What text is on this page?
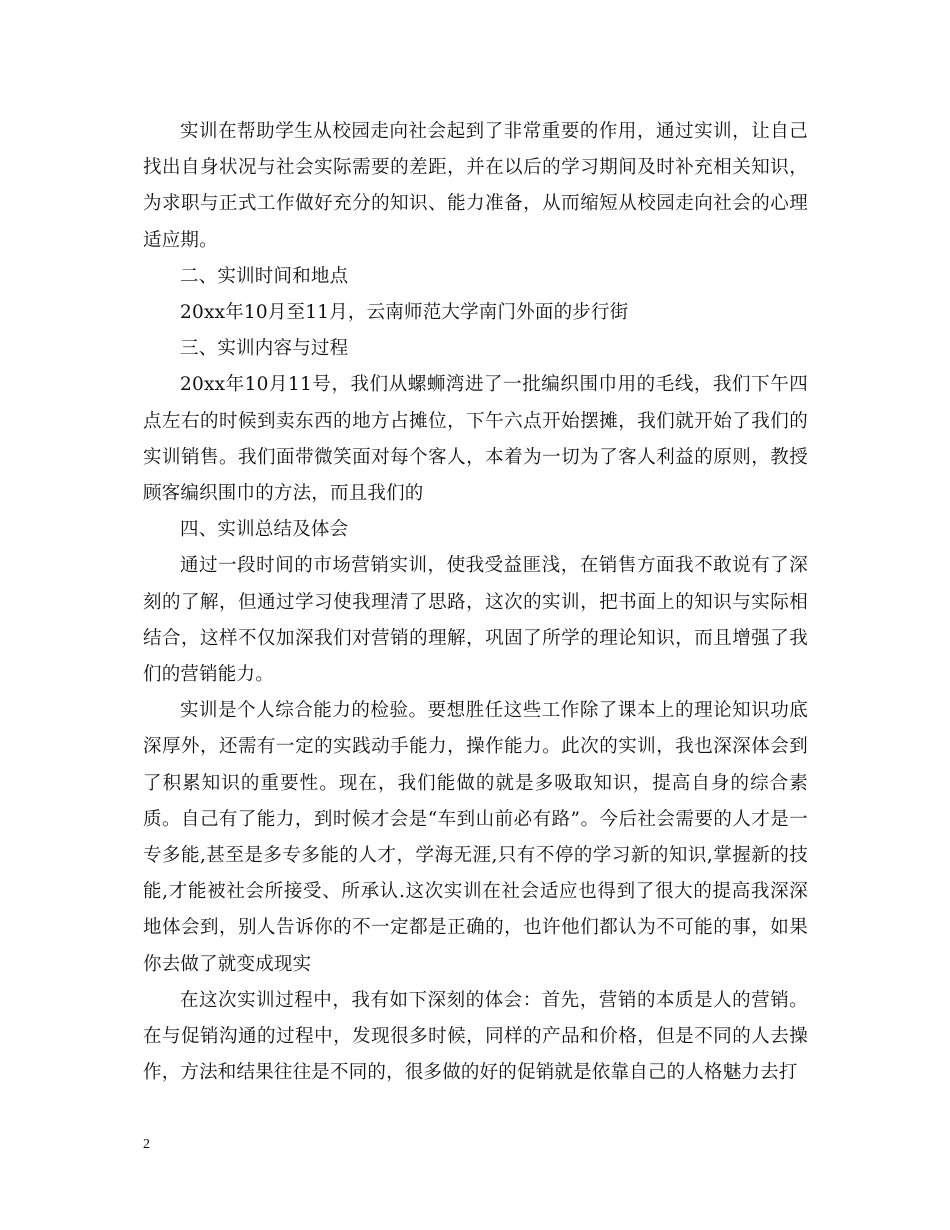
实训在帮助学生从校园走向社会起到了非常重要的作用，通过实训，让自己找出自身状况与社会实际需要的差距，并在以后的学习期间及时补充相关知识，为求职与正式工作做好充分的知识、能力准备，从而缩短从校园走向社会的心理适应期。

二、实训时间和地点

20xx年10月至11月，云南师范大学南门外面的步行街

三、实训内容与过程

20xx年10月11号，我们从螺蛳湾进了一批编织围巾用的毛线，我们下午四点左右的时候到卖东西的地方占摊位，下午六点开始摆摊，我们就开始了我们的实训销售。我们面带微笑面对每个客人，本着为一切为了客人利益的原则，教授顾客编织围巾的方法，而且我们的

四、实训总结及体会

通过一段时间的市场营销实训，使我受益匪浅，在销售方面我不敢说有了深刻的了解，但通过学习使我理清了思路，这次的实训，把书面上的知识与实际相结合，这样不仅加深我们对营销的理解，巩固了所学的理论知识，而且增强了我们的营销能力。

实训是个人综合能力的检验。要想胜任这些工作除了课本上的理论知识功底深厚外，还需有一定的实践动手能力，操作能力。此次的实训，我也深深体会到了积累知识的重要性。现在，我们能做的就是多吸取知识，提高自身的综合素质。自己有了能力，到时候才会是“车到山前必有路”。今后社会需要的人才是一专多能,甚至是多专多能的人才，学海无涯,只有不停的学习新的知识,掌握新的技能,才能被社会所接受、所承认.这次实训在社会适应也得到了很大的提高我深深地体会到，别人告诉你的不一定都是正确的，也许他们都认为不可能的事，如果你去做了就变成现实

在这次实训过程中，我有如下深刻的体会：首先，营销的本质是人的营销。在与促销沟通的过程中，发现很多时候，同样的产品和价格，但是不同的人去操作，方法和结果往往是不同的，很多做的好的促销就是依靠自己的人格魅力去打

2
